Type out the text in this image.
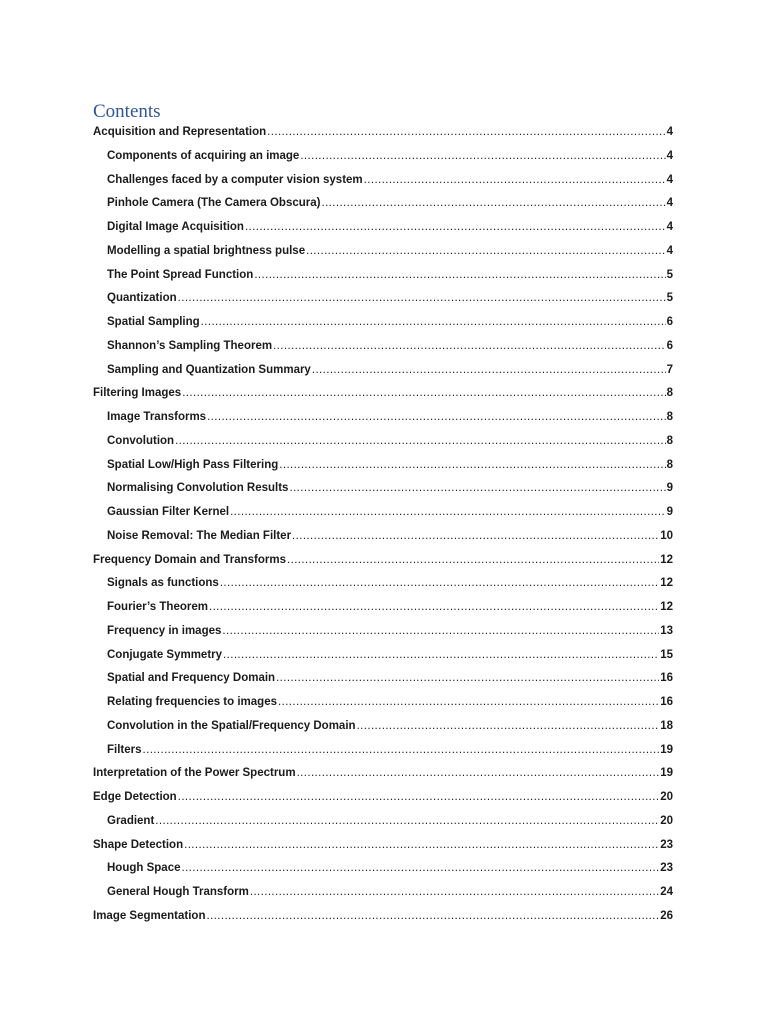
Contents
Acquisition and Representation .....	4
Components of acquiring an image .....	4
Challenges faced by a computer vision system .....	4
Pinhole Camera (The Camera Obscura) .....	4
Digital Image Acquisition .....	4
Modelling a spatial brightness pulse .....	4
The Point Spread Function .....	5
Quantization .....	5
Spatial Sampling .....	6
Shannon’s Sampling Theorem .....	6
Sampling and Quantization Summary .....	7
Filtering Images .....	8
Image Transforms .....	8
Convolution .....	8
Spatial Low/High Pass Filtering .....	8
Normalising Convolution Results .....	9
Gaussian Filter Kernel .....	9
Noise Removal: The Median Filter .....	10
Frequency Domain and Transforms .....	12
Signals as functions .....	12
Fourier’s Theorem .....	12
Frequency in images .....	13
Conjugate Symmetry .....	15
Spatial and Frequency Domain .....	16
Relating frequencies to images .....	16
Convolution in the Spatial/Frequency Domain .....	18
Filters .....	19
Interpretation of the Power Spectrum .....	19
Edge Detection .....	20
Gradient .....	20
Shape Detection .....	23
Hough Space .....	23
General Hough Transform .....	24
Image Segmentation .....	26
